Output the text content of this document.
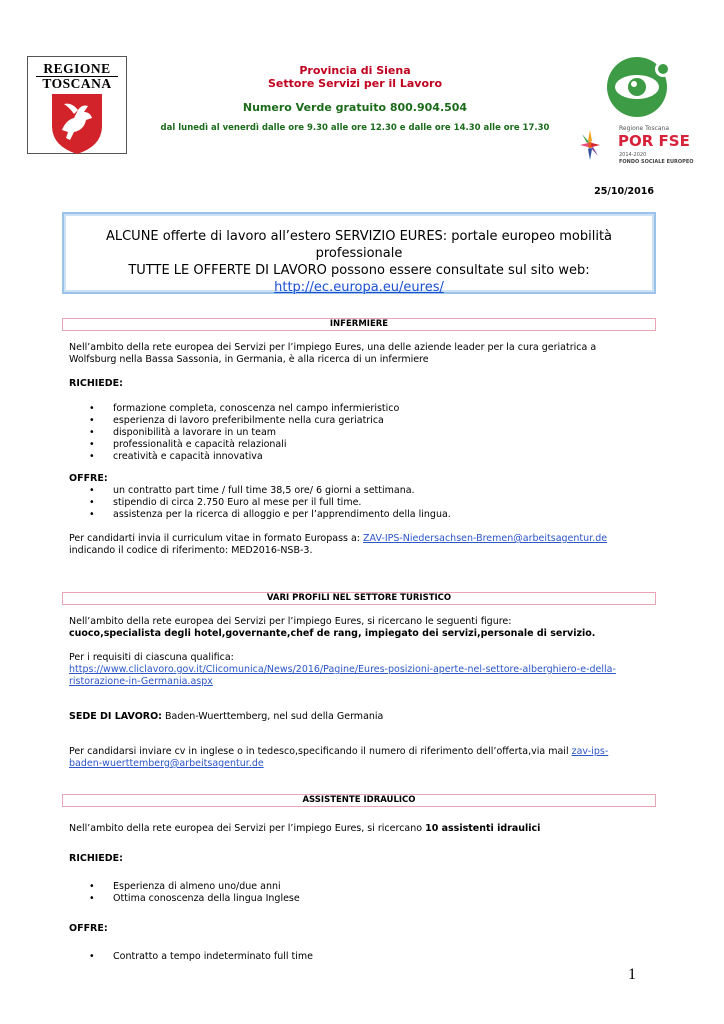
REGIONE
TOSCANA
Provincia di Siena
Settore Servizi per il Lavoro
Numero Verde gratuito 800.904.504
dal lunedì al venerdì dalle ore 9.30 alle ore 12.30 e dalle ore 14.30 alle ore 17.30	Regione Toscana
POR FSE
2014-2020
FONDO SOCIALE EUROPEO
25/10/2016
ALCUNE offerte di lavoro all’estero SERVIZIO EURES: portale europeo mobilità professionale
TUTTE LE OFFERTE DI LAVORO possono essere consultate sul sito web:
http://ec.europa.eu/eures/
INFERMIERE
Nell’ambito della rete europea dei Servizi per l’impiego Eures, una delle aziende leader per la cura geriatrica a
Wolfsburg nella Bassa Sassonia, in Germania, è alla ricerca di un infermiere
RICHIEDE:
• formazione completa, conoscenza nel campo infermieristico
• esperienza di lavoro preferibilmente nella cura geriatrica
• disponibilità a lavorare in un team
• professionalità e capacità relazionali
• creatività e capacità innovativa
OFFRE:
• un contratto part time / full time 38,5 ore/ 6 giorni a settimana.
• stipendio di circa 2.750 Euro al mese per il full time.
• assistenza per la ricerca di alloggio e per l’apprendimento della lingua.
Per candidarti invia il curriculum vitae in formato Europass a: ZAV-IPS-Niedersachsen-Bremen@arbeitsagentur.de
indicando il codice di riferimento: MED2016-NSB-3.
VARI PROFILI NEL SETTORE TURISTICO
Nell’ambito della rete europea dei Servizi per l’impiego Eures, si ricercano le seguenti figure:
cuoco,specialista degli hotel,governante,chef de rang, impiegato dei servizi,personale di servizio.
Per i requisiti di ciascuna qualifica:
https://www.cliclavoro.gov.it/Clicomunica/News/2016/Pagine/Eures-posizioni-aperte-nel-settore-alberghiero-e-della-
ristorazione-in-Germania.aspx
SEDE DI LAVORO: Baden-Wuerttemberg, nel sud della Germania
Per candidarsi inviare cv in inglese o in tedesco,specificando il numero di riferimento dell’offerta,via mail zav-ips-
baden-wuerttemberg@arbeitsagentur.de
ASSISTENTE IDRAULICO
Nell’ambito della rete europea dei Servizi per l’impiego Eures, si ricercano 10 assistenti idraulici
RICHIEDE:
• Esperienza di almeno uno/due anni
• Ottima conoscenza della lingua Inglese
OFFRE:
• Contratto a tempo indeterminato full time
1
